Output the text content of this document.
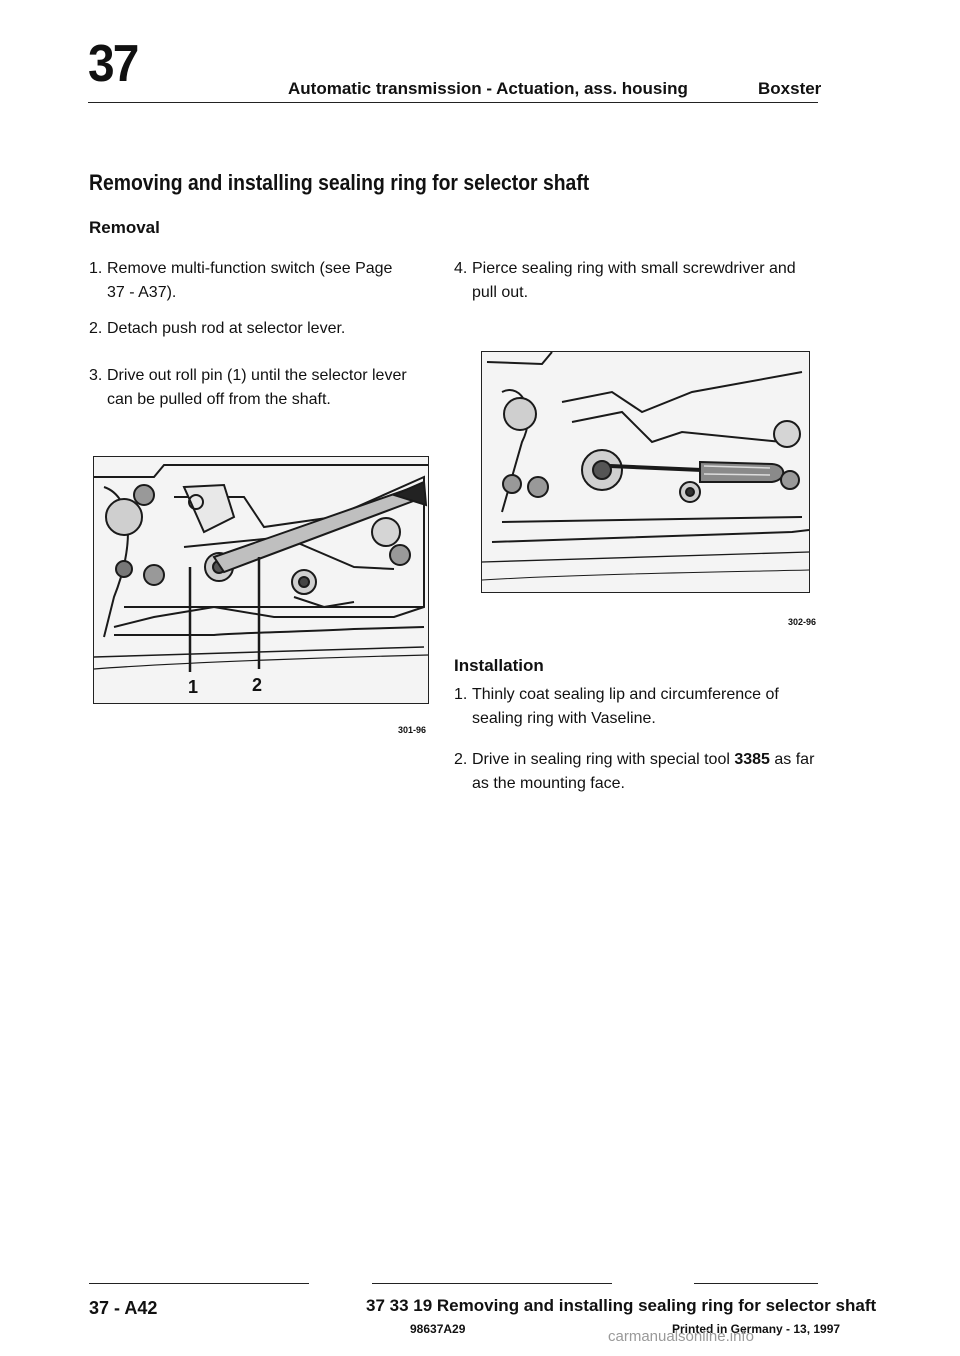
37	Automatic transmission - Actuation, ass. housing	Boxster
Removing and installing sealing ring for selector shaft
Removal
1. Remove multi-function switch (see Page 37 - A37).
2. Detach push rod at selector lever.
3. Drive out roll pin (1) until the selector lever can be pulled off from the shaft.
1	2
301-96
4. Pierce sealing ring with small screwdriver and pull out.
302-96
Installation
1. Thinly coat sealing lip and circumference of sealing ring with Vaseline.
2. Drive in sealing ring with special tool 3385 as far as the mounting face.
37 - A42	37 33 19 Removing and installing sealing ring for selector shaft
98637A29	Printed in Germany - 13, 1997
carmanualsonline.info
